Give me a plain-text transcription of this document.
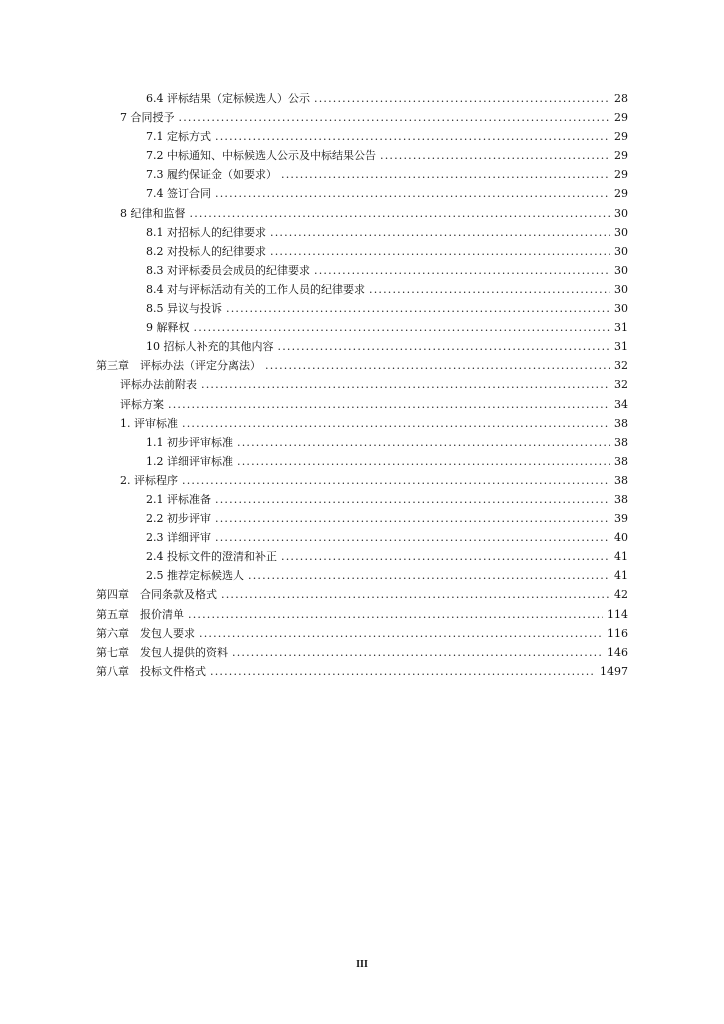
6.4 评标结果（定标候选人）公示 .....	28
7 合同授予 .....	29
7.1 定标方式 .....	29
7.2 中标通知、中标候选人公示及中标结果公告 .....	29
7.3 履约保证金（如要求） .....	29
7.4 签订合同 .....	29
8 纪律和监督 .....	30
8.1 对招标人的纪律要求 .....	30
8.2 对投标人的纪律要求 .....	30
8.3 对评标委员会成员的纪律要求 .....	30
8.4 对与评标活动有关的工作人员的纪律要求 .....	30
8.5 异议与投诉 .....	30
9 解释权 .....	31
10 招标人补充的其他内容 .....	31
第三章　评标办法（评定分离法） .....	32
评标办法前附表 .....	32
评标方案 .....	34
1. 评审标准 .....	38
1.1 初步评审标准 .....	38
1.2 详细评审标准 .....	38
2. 评标程序 .....	38
2.1 评标准备 .....	38
2.2 初步评审 .....	39
2.3 详细评审 .....	40
2.4 投标文件的澄清和补正 .....	41
2.5 推荐定标候选人 .....	41
第四章　合同条款及格式 .....	42
第五章　报价清单 .....	114
第六章　发包人要求 .....	116
第七章　发包人提供的资料 .....	146
第八章　投标文件格式 .....	1497
III
